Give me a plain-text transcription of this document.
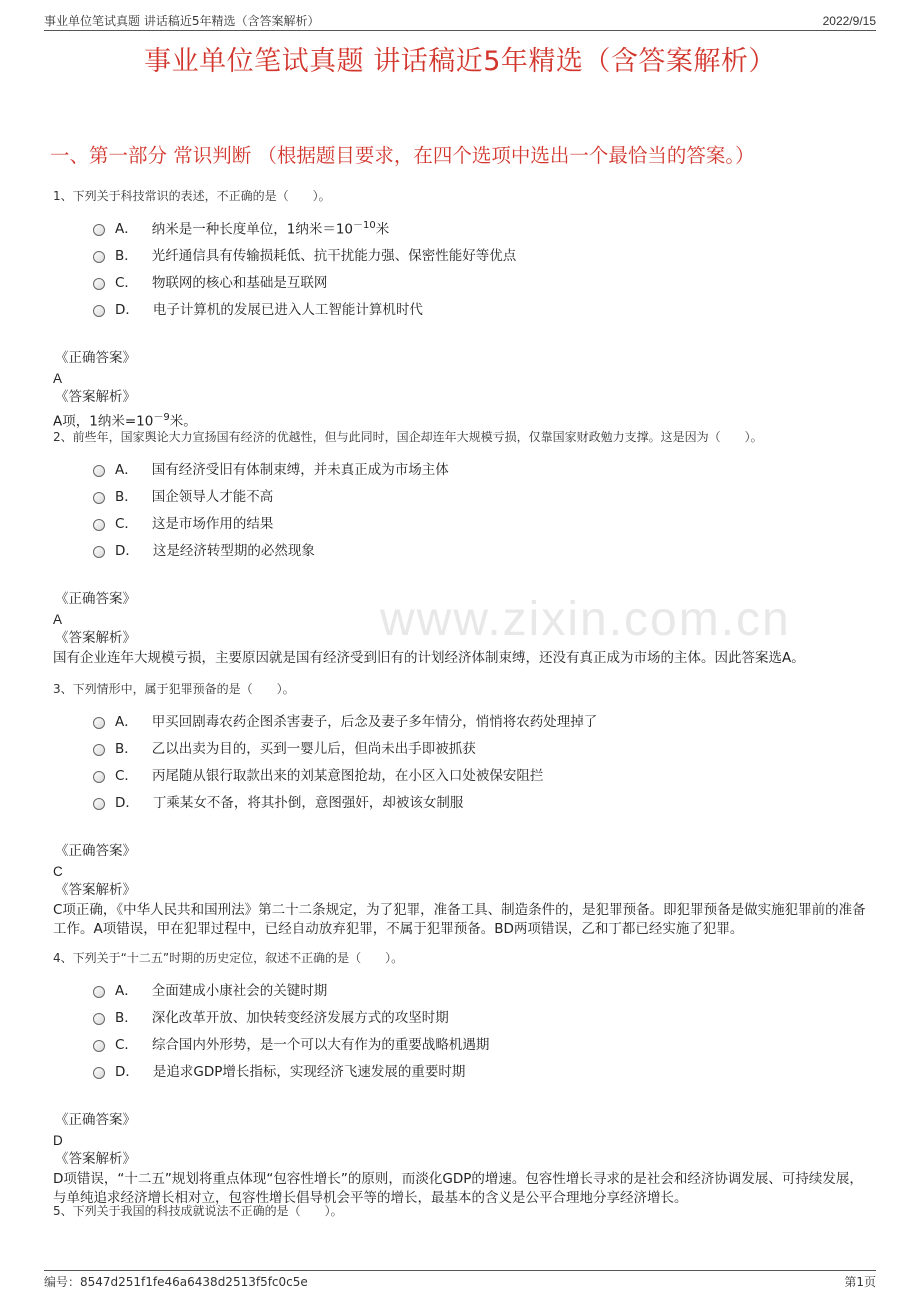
事业单位笔试真题 讲话稿近5年精选（含答案解析）	2022/9/15
事业单位笔试真题 讲话稿近5年精选（含答案解析）
一、第一部分 常识判断 （根据题目要求，在四个选项中选出一个最恰当的答案。）
www.zixin.com.cn

1、下列关于科技常识的表述，不正确的是（　　）。

A． 纳米是一种长度单位，1纳米$=10^{-10}$米
B． 光纤通信具有传输损耗低、抗干扰能力强、保密性能好等优点
C． 物联网的核心和基础是互联网
D． 电子计算机的发展已进入人工智能计算机时代
《正确答案》
A
《答案解析》
A项，1纳米$=10^{-9}$米。

2、前些年，国家舆论大力宣扬国有经济的优越性，但与此同时，国企却连年大规模亏损，仅靠国家财政勉力支撑。这是因为（　　）。

A． 国有经济受旧有体制束缚，并未真正成为市场主体
B． 国企领导人才能不高
C． 这是市场作用的结果
D． 这是经济转型期的必然现象
《正确答案》
A
《答案解析》
国有企业连年大规模亏损，主要原因就是国有经济受到旧有的计划经济体制束缚，还没有真正成为市场的主体。因此答案选A。

3、下列情形中，属于犯罪预备的是（　　）。

A． 甲买回剧毒农药企图杀害妻子，后念及妻子多年情分，悄悄将农药处理掉了
B． 乙以出卖为目的，买到一婴儿后，但尚未出手即被抓获
C． 丙尾随从银行取款出来的刘某意图抢劫，在小区入口处被保安阻拦
D． 丁乘某女不备，将其扑倒，意图强奸，却被该女制服
《正确答案》
C
《答案解析》
C项正确，《中华人民共和国刑法》第二十二条规定，为了犯罪，准备工具、制造条件的，是犯罪预备。即犯罪预备是做实施犯罪前的准备工作。A项错误，甲在犯罪过程中，已经自动放弃犯罪，不属于犯罪预备。BD两项错误，乙和丁都已经实施了犯罪。

4、下列关于“十二五”时期的历史定位，叙述不正确的是（　　）。

A． 全面建成小康社会的关键时期
B． 深化改革开放、加快转变经济发展方式的攻坚时期
C． 综合国内外形势，是一个可以大有作为的重要战略机遇期
D． 是追求GDP增长指标，实现经济飞速发展的重要时期
《正确答案》
D
《答案解析》
D项错误，“十二五”规划将重点体现“包容性增长”的原则，而淡化GDP的增速。包容性增长寻求的是社会和经济协调发展、可持续发展，与单纯追求经济增长相对立，包容性增长倡导机会平等的增长，最基本的含义是公平合理地分享经济增长。

5、下列关于我国的科技成就说法不正确的是（　　）。

编号：8547d251f1fe46a6438d2513f5fc0c5e	第1页
